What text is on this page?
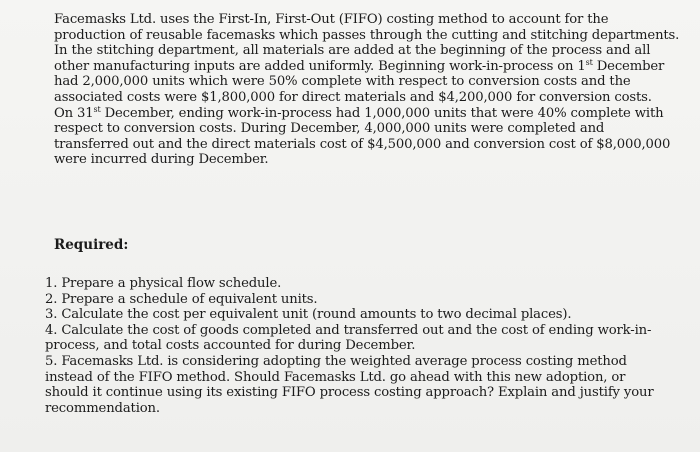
Facemasks Ltd. uses the First-In, First-Out (FIFO) costing method to account for the
production of reusable facemasks which passes through the cutting and stitching departments.
In the stitching department, all materials are added at the beginning of the process and all
other manufacturing inputs are added uniformly. Beginning work-in-process on 1st December
had 2,000,000 units which were 50% complete with respect to conversion costs and the
associated costs were $1,800,000 for direct materials and $4,200,000 for conversion costs.
On 31st December, ending work-in-process had 1,000,000 units that were 40% complete with
respect to conversion costs. During December, 4,000,000 units were completed and
transferred out and the direct materials cost of $4,500,000 and conversion cost of $8,000,000
were incurred during December.
Required:
1. Prepare a physical flow schedule.
2. Prepare a schedule of equivalent units.
3. Calculate the cost per equivalent unit (round amounts to two decimal places).
4. Calculate the cost of goods completed and transferred out and the cost of ending work-in-
process, and total costs accounted for during December.
5. Facemasks Ltd. is considering adopting the weighted average process costing method
instead of the FIFO method. Should Facemasks Ltd. go ahead with this new adoption, or
should it continue using its existing FIFO process costing approach? Explain and justify your
recommendation.
